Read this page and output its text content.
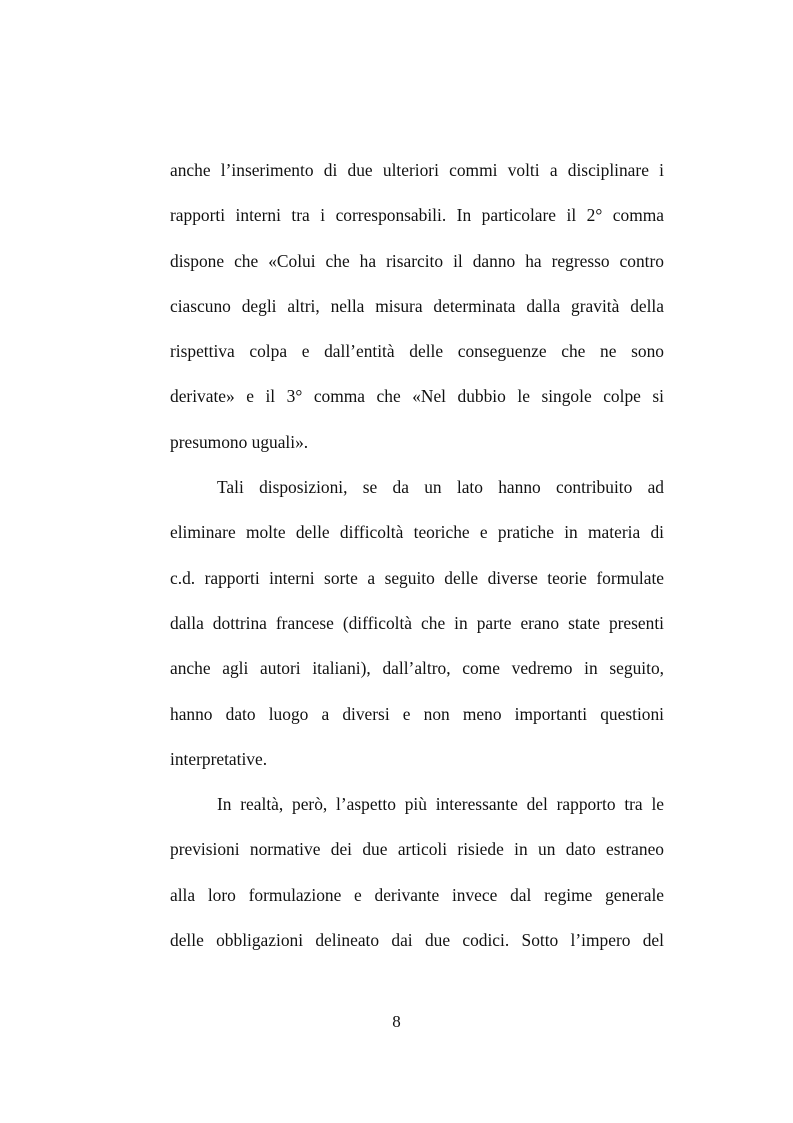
anche l’inserimento di due ulteriori commi volti a disciplinare i
rapporti interni tra i corresponsabili. In particolare il 2° comma
dispone che «Colui che ha risarcito il danno ha regresso contro
ciascuno degli altri, nella misura determinata dalla gravità della
rispettiva colpa e dall’entità delle conseguenze che ne sono
derivate» e il 3° comma che «Nel dubbio le singole colpe si
presumono uguali».
Tali disposizioni, se da un lato hanno contribuito ad
eliminare molte delle difficoltà teoriche e pratiche in materia di
c.d. rapporti interni sorte a seguito delle diverse teorie formulate
dalla dottrina francese (difficoltà che in parte erano state presenti
anche agli autori italiani), dall’altro, come vedremo in seguito,
hanno dato luogo a diversi e non meno importanti questioni
interpretative.
In realtà, però, l’aspetto più interessante del rapporto tra le
previsioni normative dei due articoli risiede in un dato estraneo
alla loro formulazione e derivante invece dal regime generale
delle obbligazioni delineato dai due codici. Sotto l’impero del
8
